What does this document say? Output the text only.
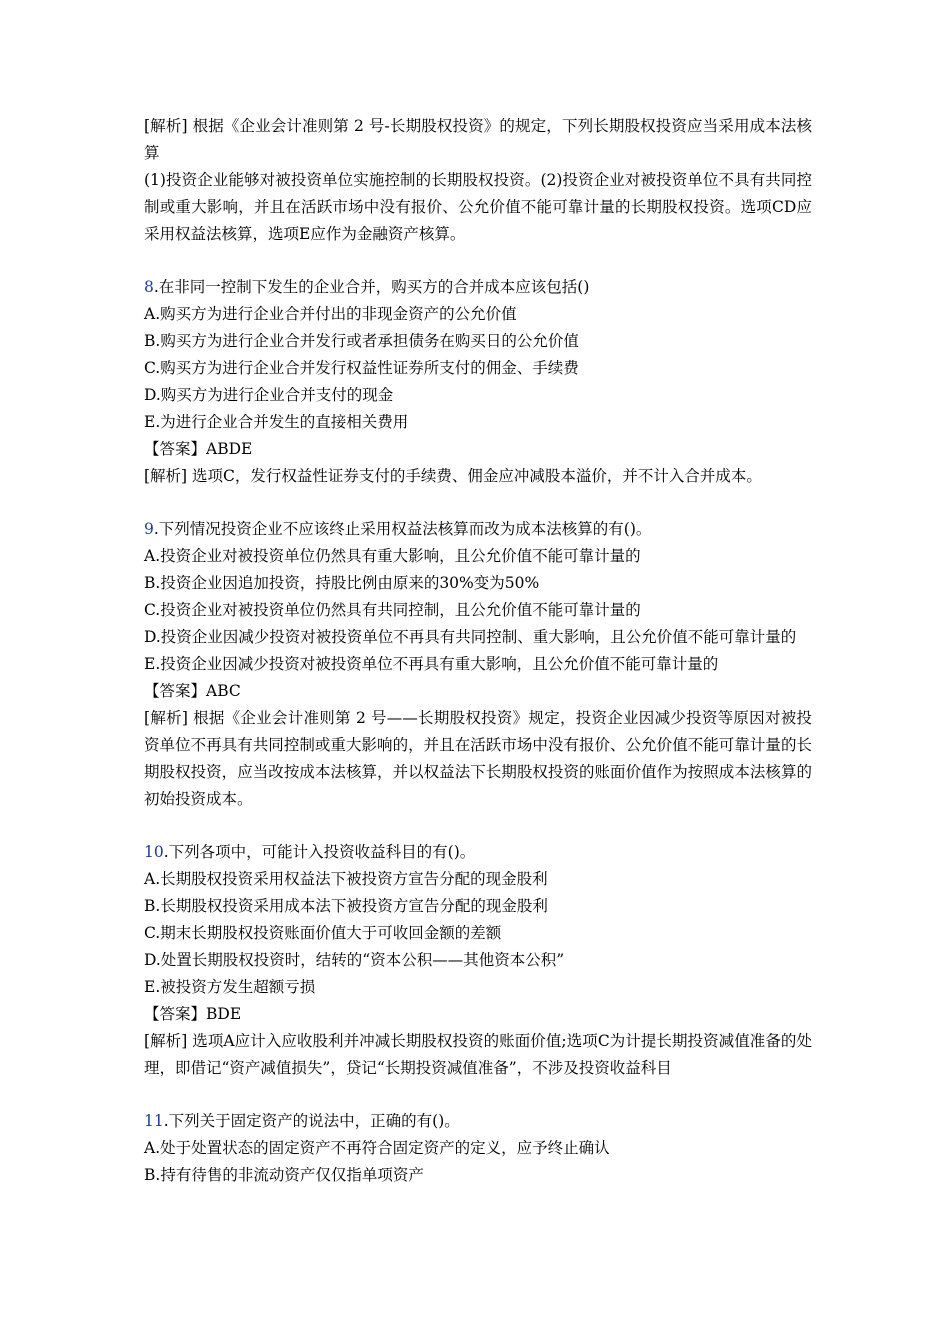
[解析] 根据《企业会计准则第 2 号-长期股权投资》的规定，下列长期股权投资应当采用成本法核算
(1)投资企业能够对被投资单位实施控制的长期股权投资。(2)投资企业对被投资单位不具有共同控制或重大影响，并且在活跃市场中没有报价、公允价值不能可靠计量的长期股权投资。选项CD应采用权益法核算，选项E应作为金融资产核算。
8.在非同一控制下发生的企业合并，购买方的合并成本应该包括()
A.购买方为进行企业合并付出的非现金资产的公允价值
B.购买方为进行企业合并发行或者承担债务在购买日的公允价值
C.购买方为进行企业合并发行权益性证券所支付的佣金、手续费
D.购买方为进行企业合并支付的现金
E.为进行企业合并发生的直接相关费用
【答案】ABDE
[解析] 选项C，发行权益性证券支付的手续费、佣金应冲减股本溢价，并不计入合并成本。
9.下列情况投资企业不应该终止采用权益法核算而改为成本法核算的有()。
A.投资企业对被投资单位仍然具有重大影响，且公允价值不能可靠计量的
B.投资企业因追加投资，持股比例由原来的30%变为50%
C.投资企业对被投资单位仍然具有共同控制，且公允价值不能可靠计量的
D.投资企业因减少投资对被投资单位不再具有共同控制、重大影响，且公允价值不能可靠计量的
E.投资企业因减少投资对被投资单位不再具有重大影响，且公允价值不能可靠计量的
【答案】ABC
[解析] 根据《企业会计准则第 2 号——长期股权投资》规定，投资企业因减少投资等原因对被投资单位不再具有共同控制或重大影响的，并且在活跃市场中没有报价、公允价值不能可靠计量的长期股权投资，应当改按成本法核算，并以权益法下长期股权投资的账面价值作为按照成本法核算的初始投资成本。
10.下列各项中，可能计入投资收益科目的有()。
A.长期股权投资采用权益法下被投资方宣告分配的现金股利
B.长期股权投资采用成本法下被投资方宣告分配的现金股利
C.期末长期股权投资账面价值大于可收回金额的差额
D.处置长期股权投资时，结转的“资本公积——其他资本公积”
E.被投资方发生超额亏损
【答案】BDE
[解析] 选项A应计入应收股利并冲减长期股权投资的账面价值;选项C为计提长期投资减值准备的处理，即借记“资产减值损失”，贷记“长期投资减值准备”，不涉及投资收益科目
11.下列关于固定资产的说法中，正确的有()。
A.处于处置状态的固定资产不再符合固定资产的定义，应予终止确认
B.持有待售的非流动资产仅仅指单项资产
